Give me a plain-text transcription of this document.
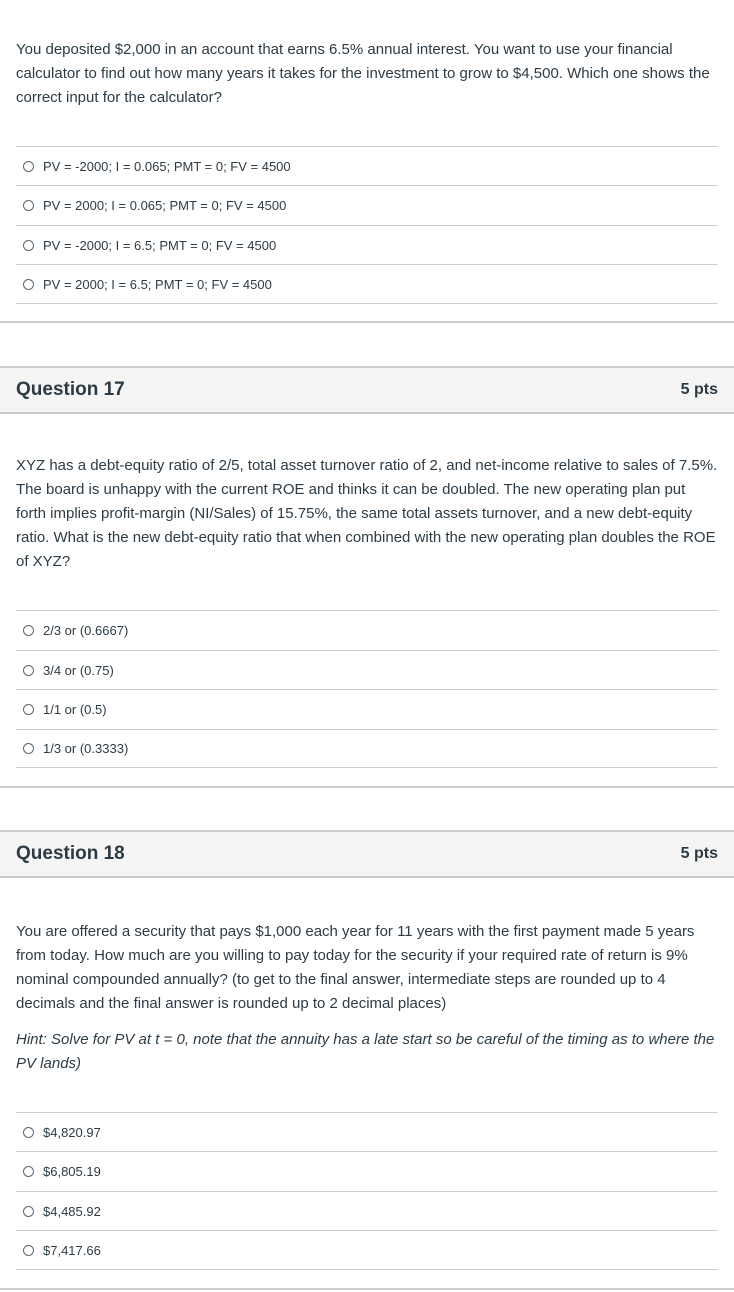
You deposited $2,000 in an account that earns 6.5% annual interest. You want to use your financial calculator to find out how many years it takes for the investment to grow to $4,500. Which one shows the correct input for the calculator?

PV = -2000; I = 0.065; PMT = 0; FV = 4500
PV = 2000; I = 0.065; PMT = 0; FV = 4500
PV = -2000; I = 6.5; PMT = 0; FV = 4500
PV = 2000; I = 6.5; PMT = 0; FV = 4500
Question 17	5 pts

XYZ has a debt-equity ratio of 2/5, total asset turnover ratio of 2, and net-income relative to sales of 7.5%. The board is unhappy with the current ROE and thinks it can be doubled. The new operating plan put forth implies profit-margin (NI/Sales) of 15.75%, the same total assets turnover, and a new debt-equity ratio. What is the new debt-equity ratio that when combined with the new operating plan doubles the ROE of XYZ?

2/3 or (0.6667)
3/4 or (0.75)
1/1 or (0.5)
1/3 or (0.3333)
Question 18	5 pts

You are offered a security that pays $1,000 each year for 11 years with the first payment made 5 years from today. How much are you willing to pay today for the security if your required rate of return is 9% nominal compounded annually? (to get to the final answer, intermediate steps are rounded up to 4 decimals and the final answer is rounded up to 2 decimal places)

Hint: Solve for PV at t = 0, note that the annuity has a late start so be careful of the timing as to where the PV lands)

$4,820.97
$6,805.19
$4,485.92
$7,417.66
